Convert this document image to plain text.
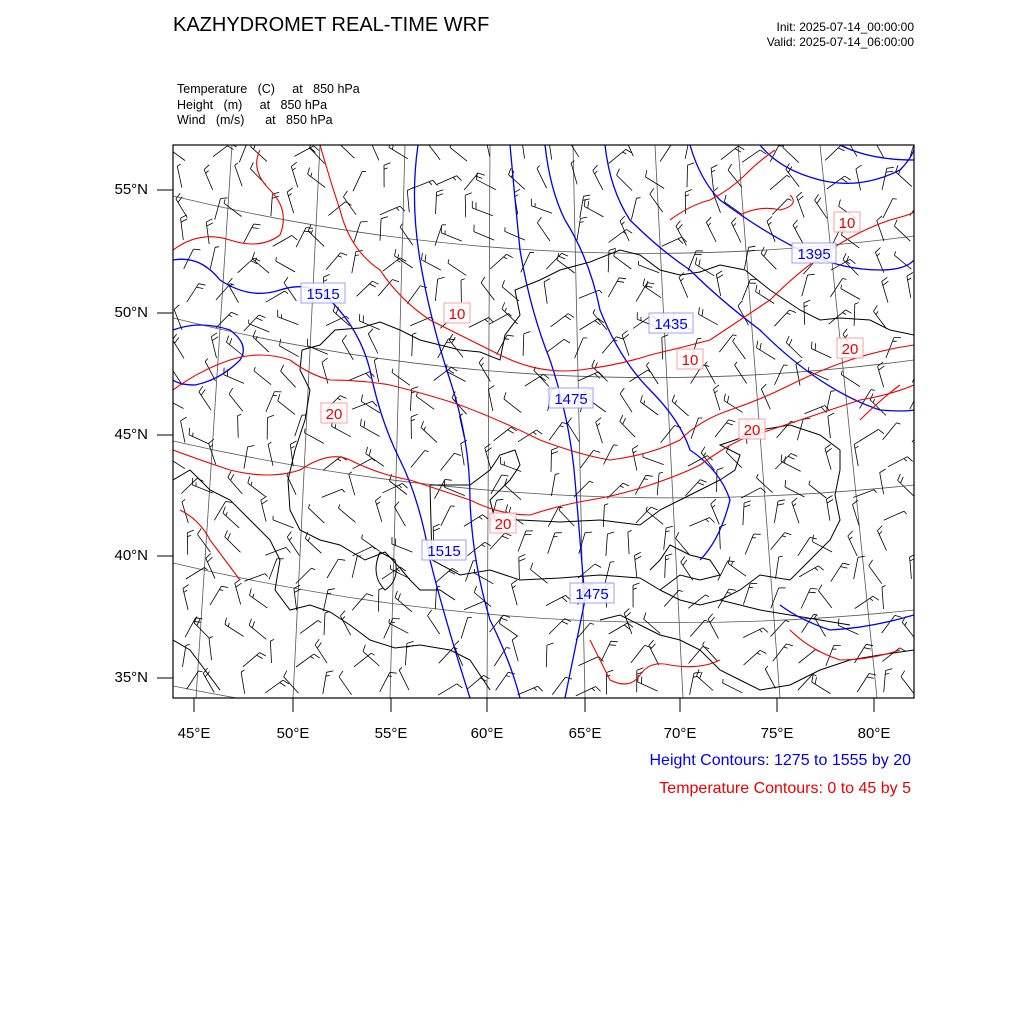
KAZHYDROMET REAL-TIME WRF	Init: 2025-07-14_00:00:00
Valid: 2025-07-14_06:00:00
Temperature   (C)     at   850 hPa
Height   (m)     at   850 hPa
Wind   (m/s)      at   850 hPa
1515
1435
1395
1475
1515
1475
10
10
10
20
20
20
20
55°N
50°N
45°N
40°N
35°N
45°E	50°E	55°E	60°E	65°E	70°E	75°E	80°E
Height Contours: 1275 to 1555 by 20
Temperature Contours: 0 to 45 by 5
